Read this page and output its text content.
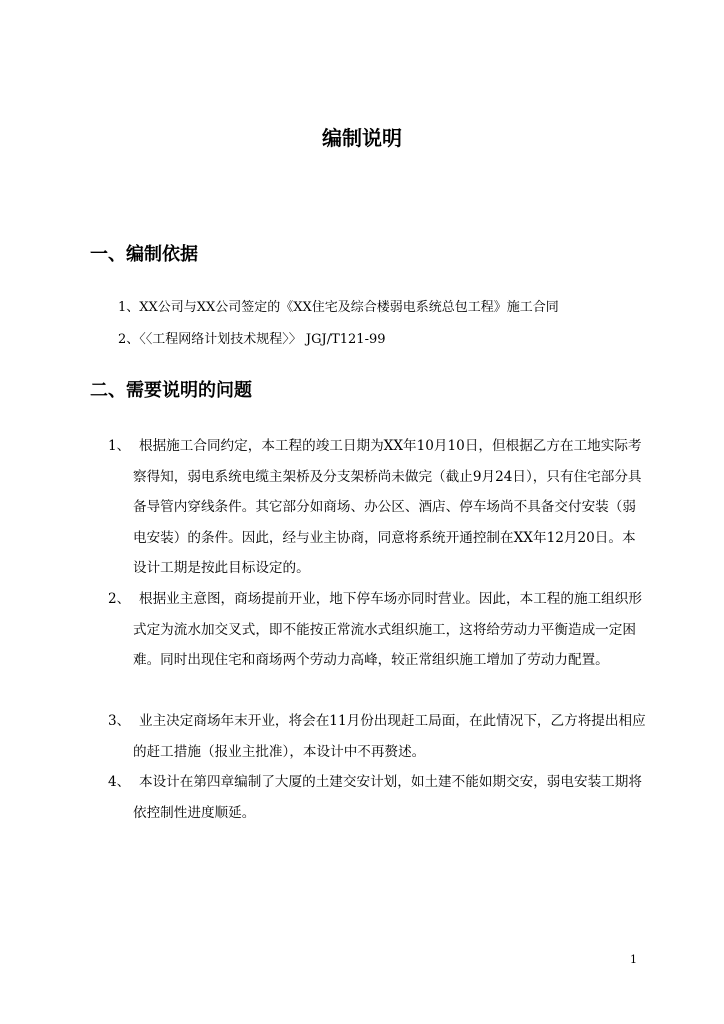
编制说明
一、编制依据
1、XX公司与XX公司签定的《XX住宅及综合楼弱电系统总包工程》施工合同
2、〈〈工程网络计划技术规程〉〉 JGJ/T121-99
二、需要说明的问题
1、 根据施工合同约定，本工程的竣工日期为XX年10月10日，但根据乙方在工地实际考察得知，弱电系统电缆主架桥及分支架桥尚未做完（截止9月24日），只有住宅部分具备导管内穿线条件。其它部分如商场、办公区、酒店、停车场尚不具备交付安装（弱电安装）的条件。因此，经与业主协商，同意将系统开通控制在XX年12月20日。本设计工期是按此目标设定的。
2、 根据业主意图，商场提前开业，地下停车场亦同时营业。因此，本工程的施工组织形式定为流水加交叉式，即不能按正常流水式组织施工，这将给劳动力平衡造成一定困难。同时出现住宅和商场两个劳动力高峰，较正常组织施工增加了劳动力配置。
3、 业主决定商场年末开业，将会在11月份出现赶工局面，在此情况下，乙方将提出相应的赶工措施（报业主批准），本设计中不再赘述。
4、 本设计在第四章编制了大厦的土建交安计划，如土建不能如期交安，弱电安装工期将依控制性进度顺延。
1
